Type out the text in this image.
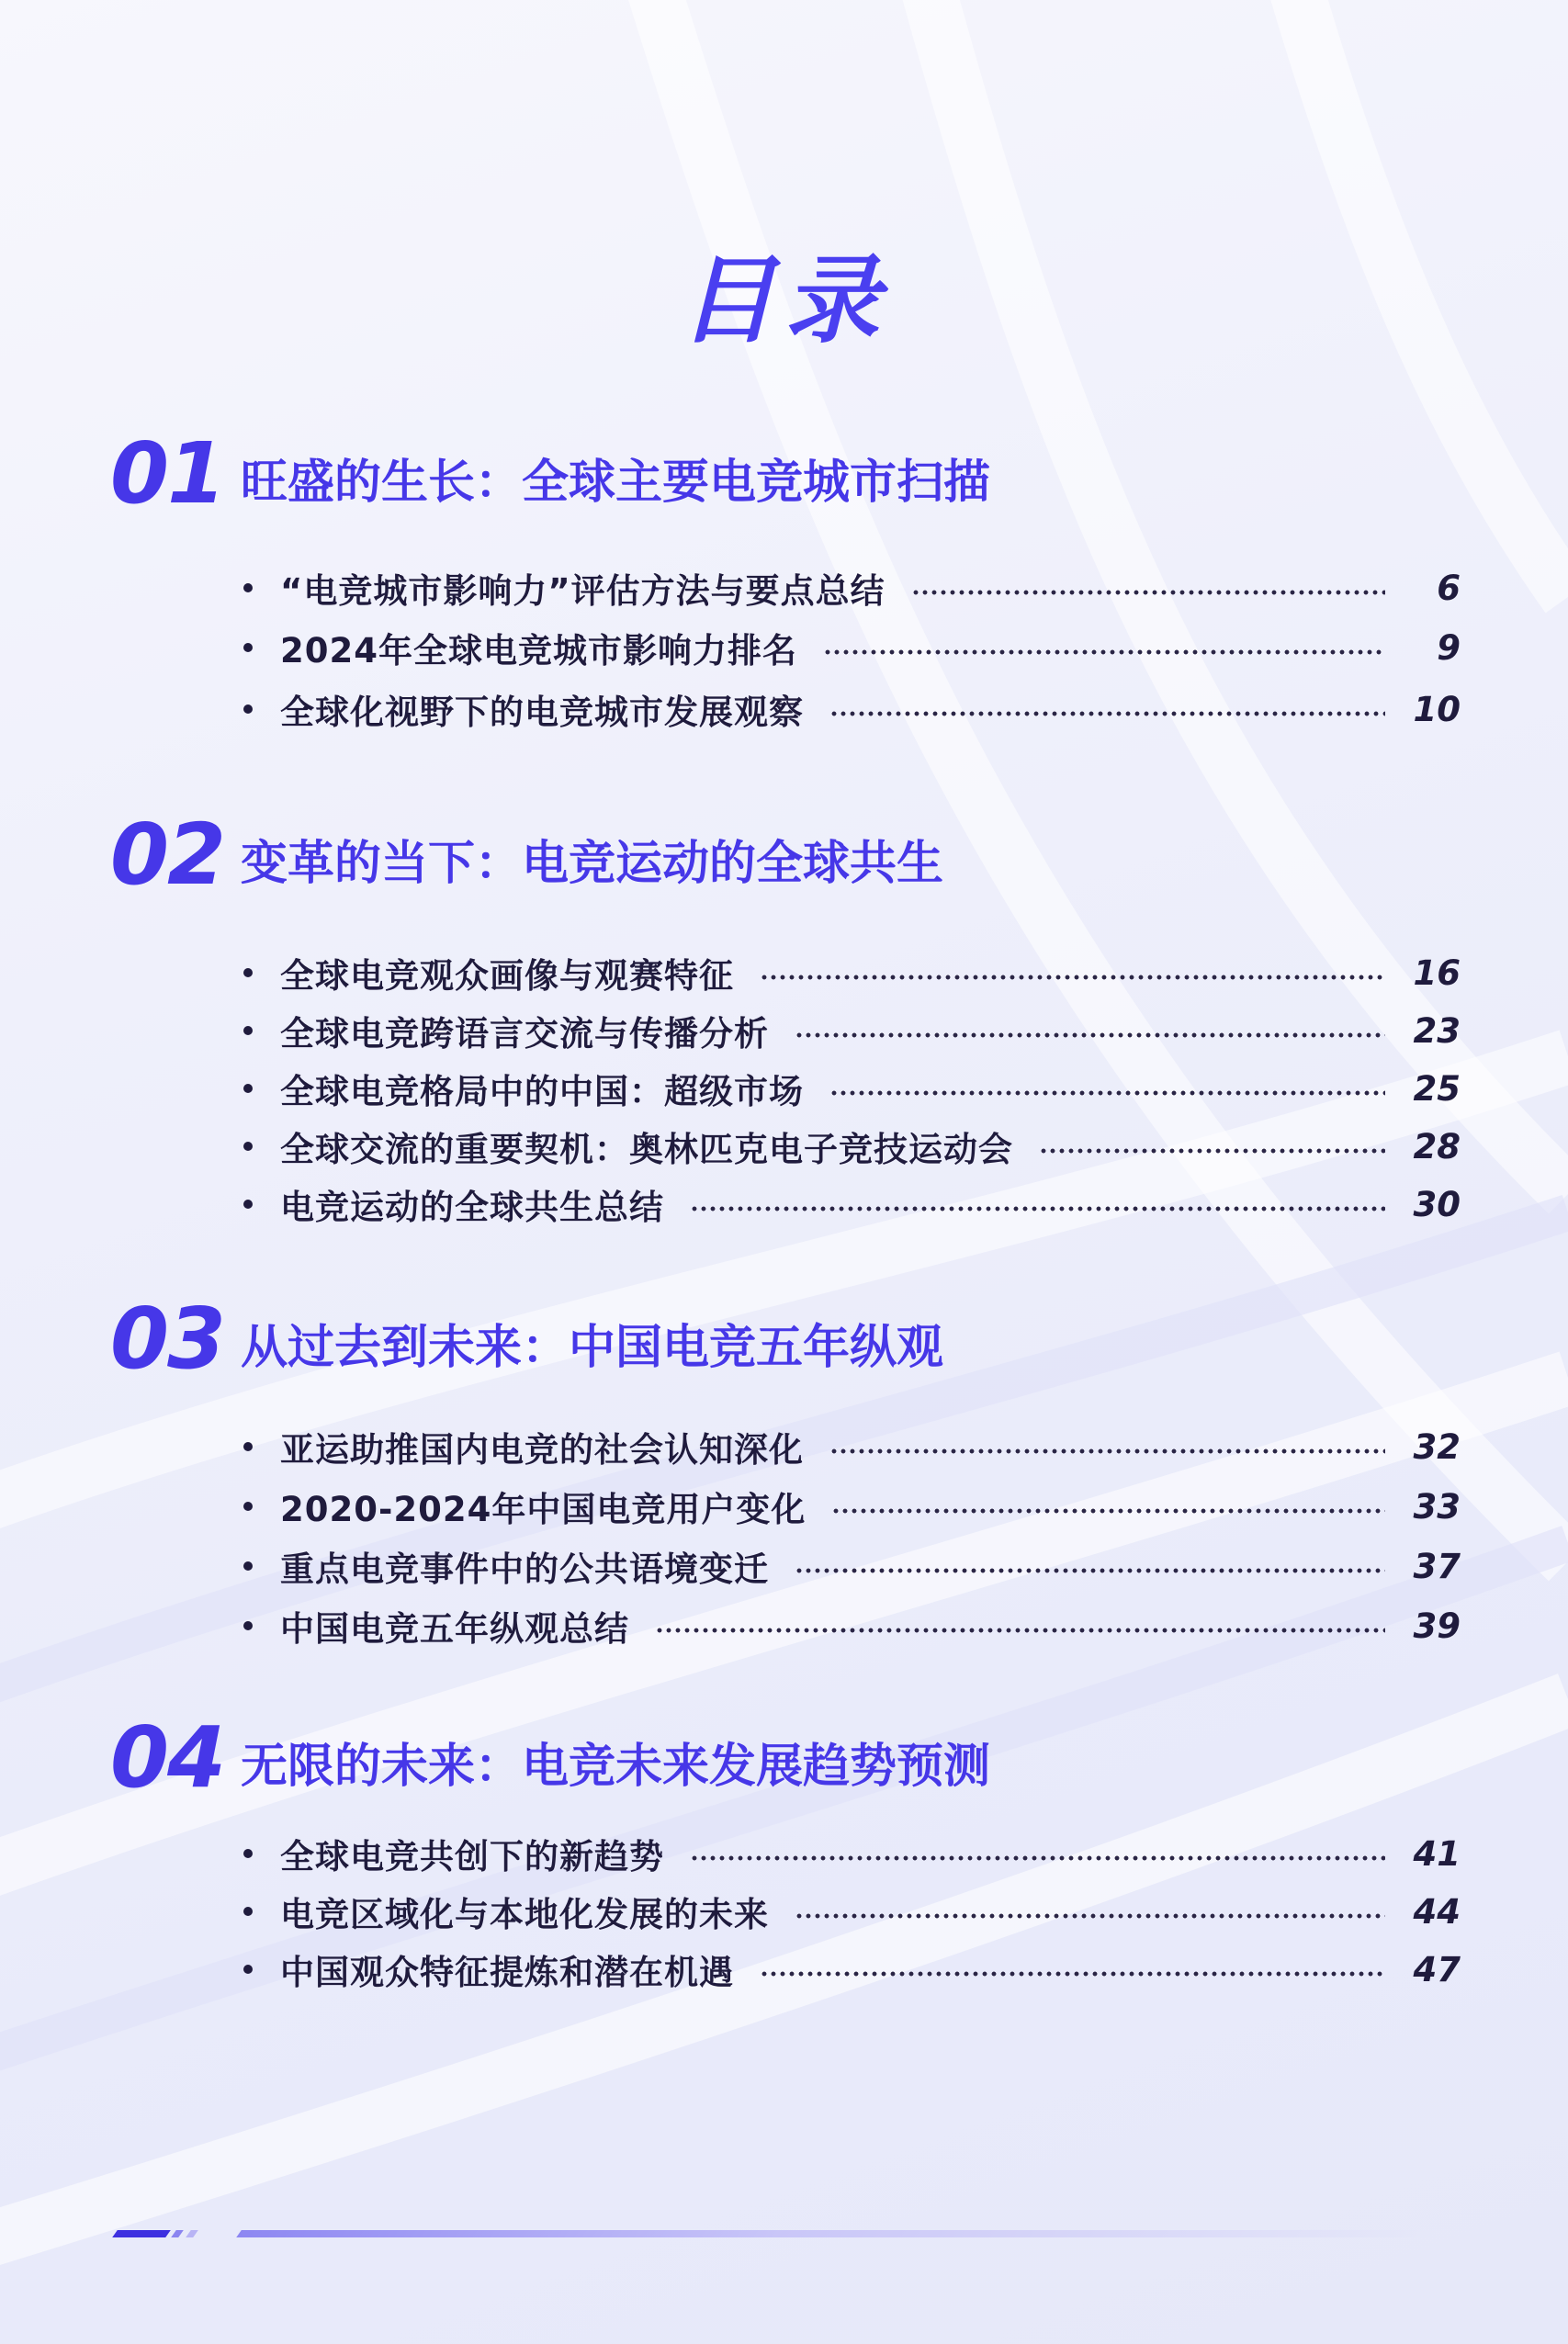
目录
01 旺盛的生长：全球主要电竞城市扫描
“电竞城市影响力”评估方法与要点总结	6
2024年全球电竞城市影响力排名	9
全球化视野下的电竞城市发展观察	10
02 变革的当下：电竞运动的全球共生
全球电竞观众画像与观赛特征	16
全球电竞跨语言交流与传播分析	23
全球电竞格局中的中国：超级市场	25
全球交流的重要契机：奥林匹克电子竞技运动会	28
电竞运动的全球共生总结	30
03 从过去到未来：中国电竞五年纵观
亚运助推国内电竞的社会认知深化	32
2020-2024年中国电竞用户变化	33
重点电竞事件中的公共语境变迁	37
中国电竞五年纵观总结	39
04 无限的未来：电竞未来发展趋势预测
全球电竞共创下的新趋势	41
电竞区域化与本地化发展的未来	44
中国观众特征提炼和潜在机遇	47
